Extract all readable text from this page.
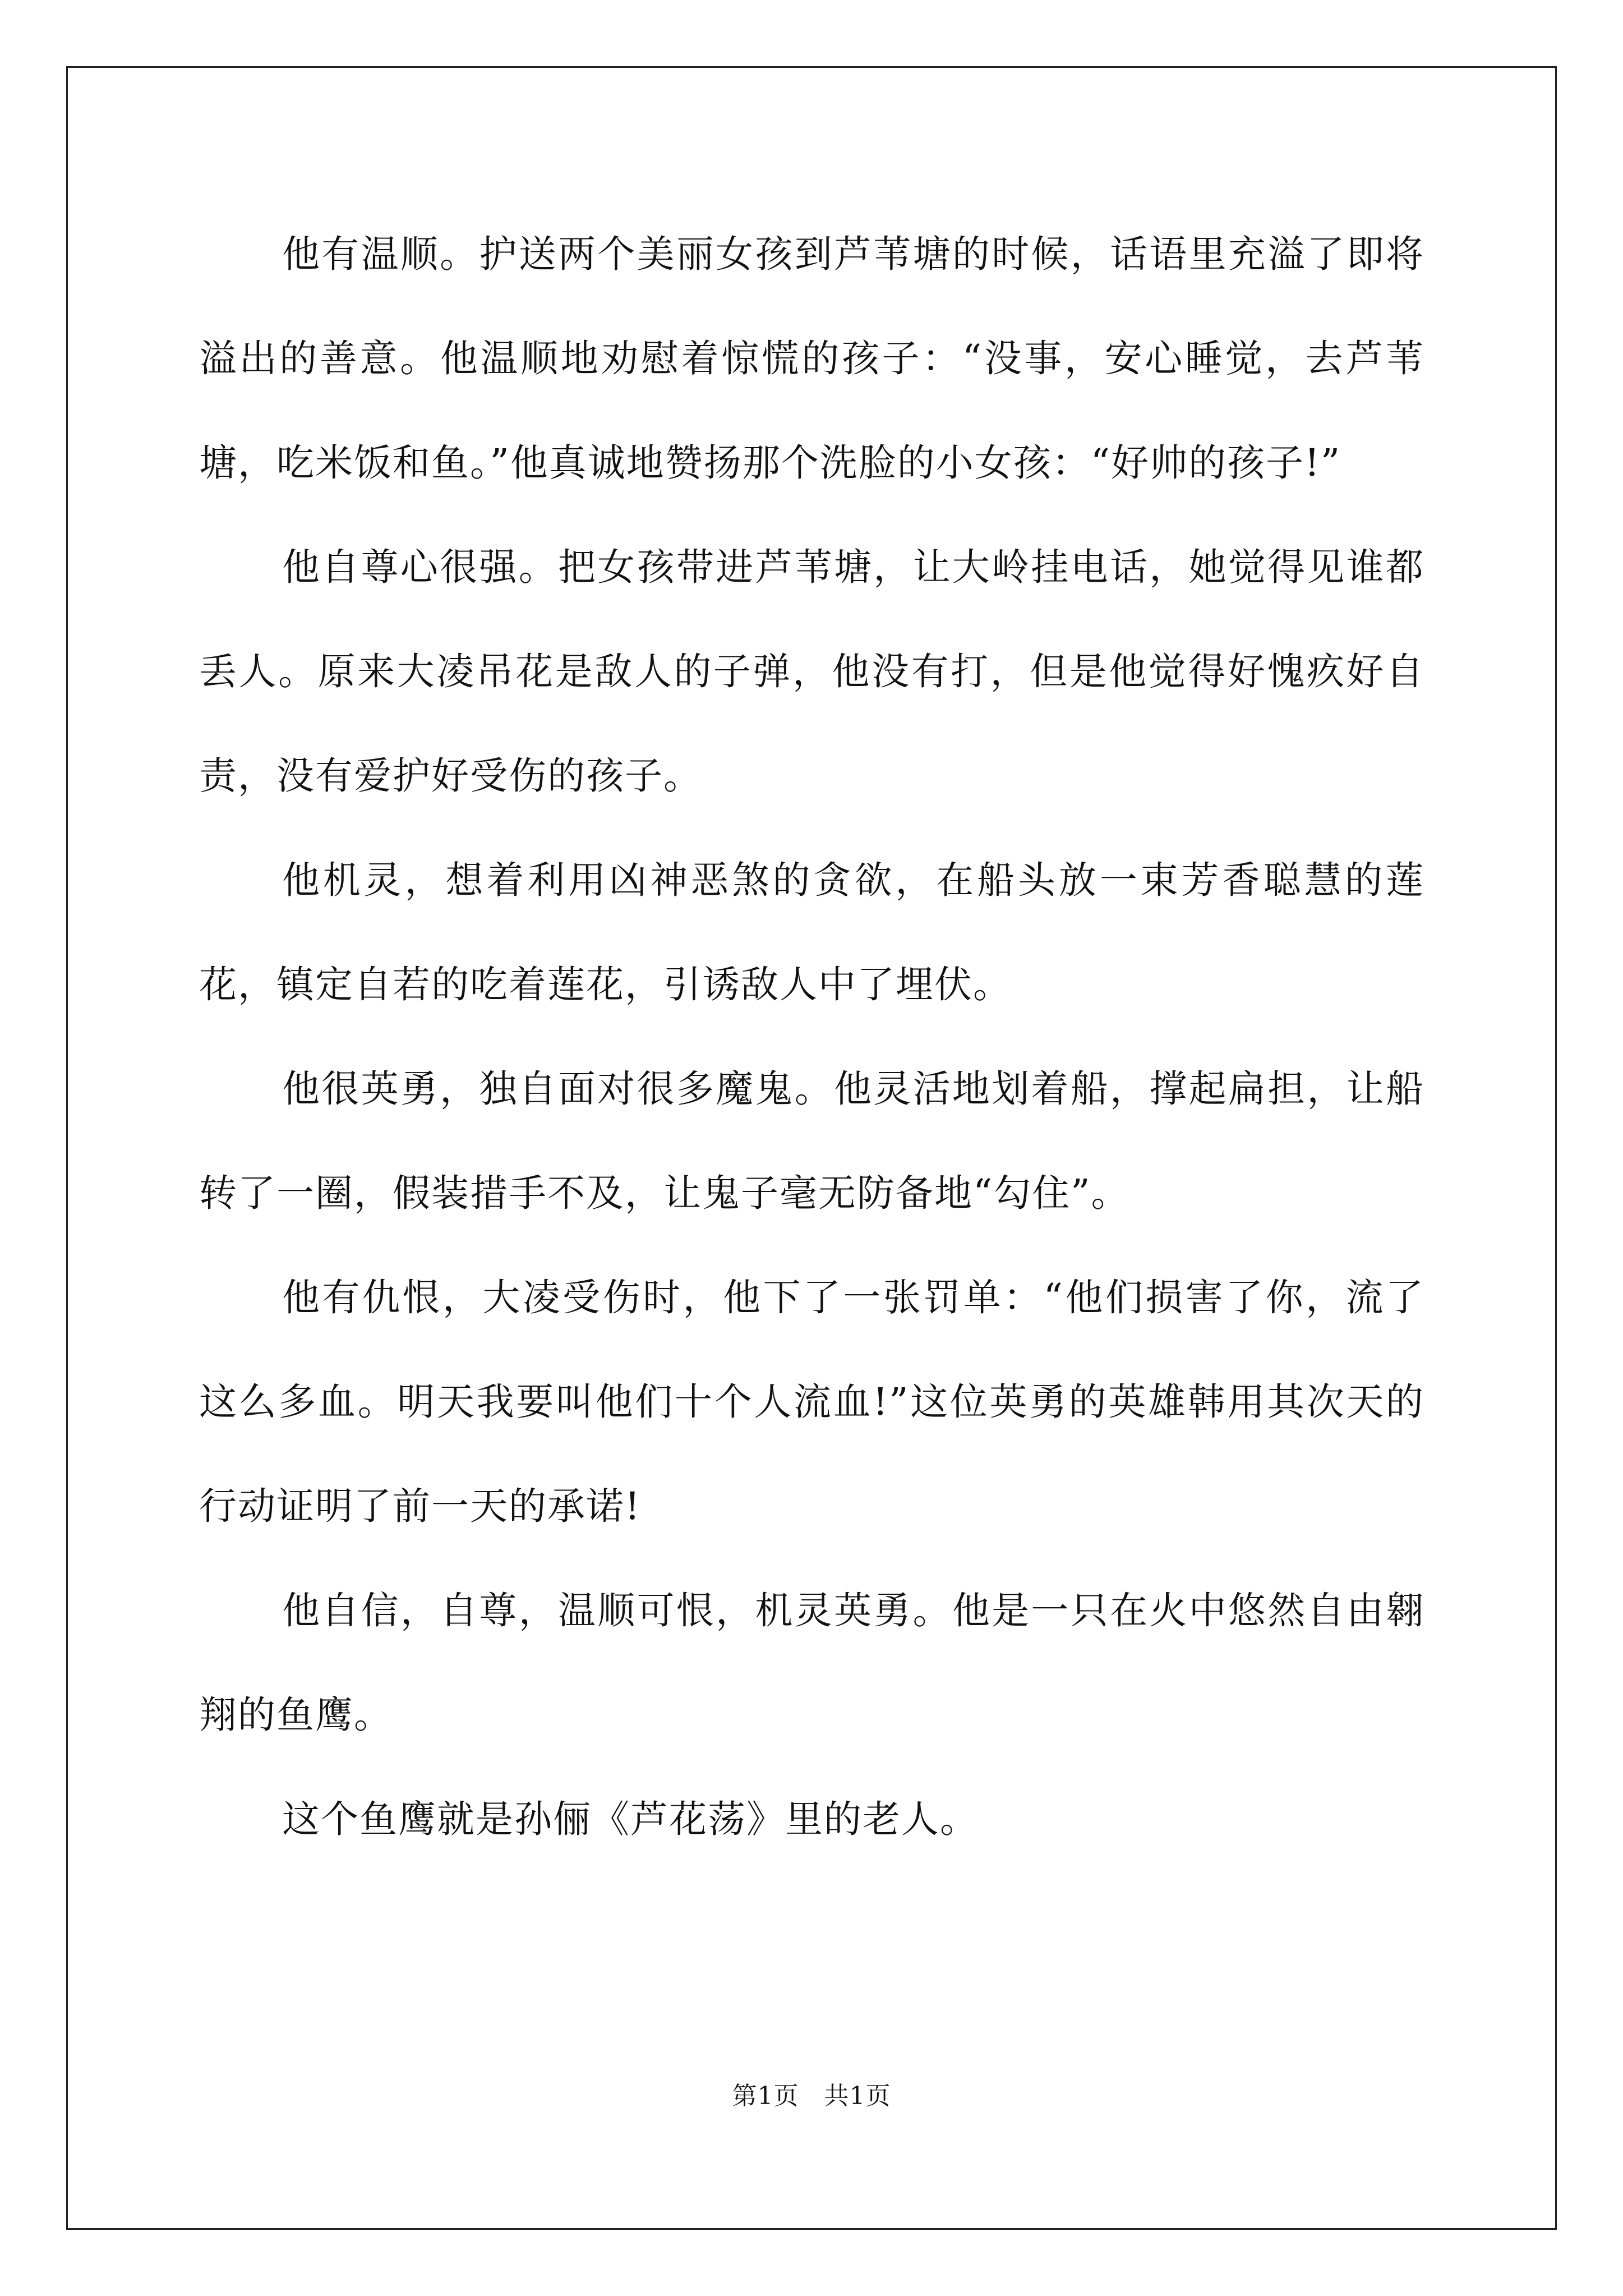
他有温顺。护送两个美丽女孩到芦苇塘的时候，话语里充溢了即将溢出的善意。他温顺地劝慰着惊慌的孩子：“没事，安心睡觉，去芦苇塘，吃米饭和鱼。”他真诚地赞扬那个洗脸的小女孩：“好帅的孩子!”

他自尊心很强。把女孩带进芦苇塘，让大岭挂电话，她觉得见谁都丢人。原来大凌吊花是敌人的子弹，他没有打，但是他觉得好愧疚好自责，没有爱护好受伤的孩子。

他机灵，想着利用凶神恶煞的贪欲，在船头放一束芳香聪慧的莲花，镇定自若的吃着莲花，引诱敌人中了埋伏。

他很英勇，独自面对很多魔鬼。他灵活地划着船，撑起扁担，让船转了一圈，假装措手不及，让鬼子毫无防备地“勾住”。

他有仇恨，大凌受伤时，他下了一张罚单：“他们损害了你，流了这么多血。明天我要叫他们十个人流血!”这位英勇的英雄韩用其次天的行动证明了前一天的承诺!

他自信，自尊，温顺可恨，机灵英勇。他是一只在火中悠然自由翱翔的鱼鹰。

这个鱼鹰就是孙俪《芦花荡》里的老人。

第1页　共1页
